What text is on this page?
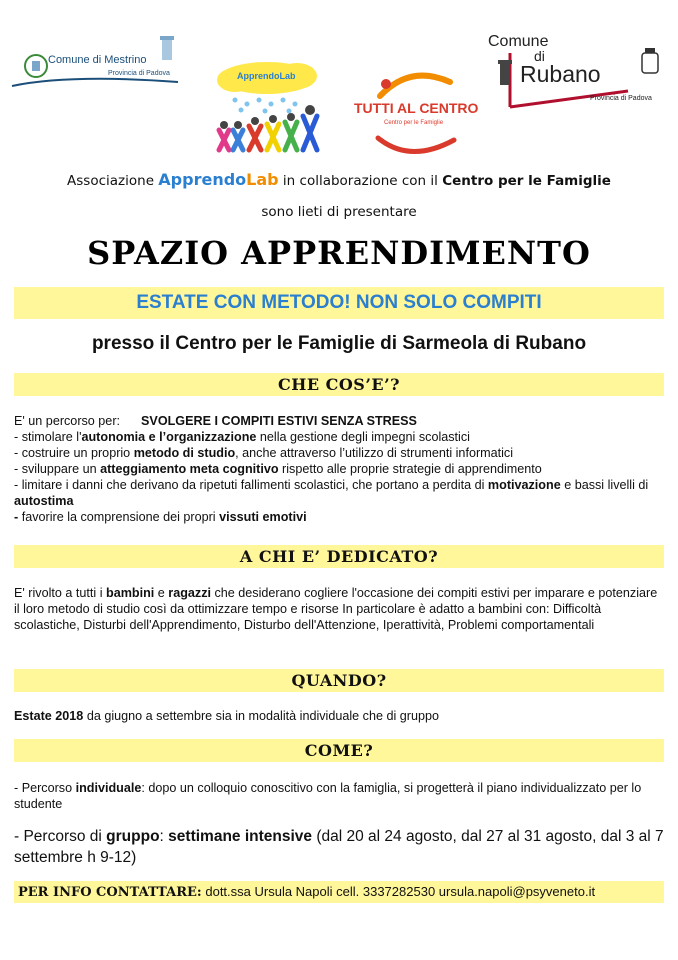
Comune di Mestrino
Provincia di Padova	ApprendoLab
TUTTI AL CENTRO
Centro per le Famiglie
Comune
di
Rubano
Provincia di Padova
Associazione ApprendoLab in collaborazione con il Centro per le Famiglie
sono lieti di presentare
SPAZIO APPRENDIMENTO
ESTATE CON METODO! NON SOLO COMPITI
presso il Centro per le Famiglie di Sarmeola di Rubano
CHE COS’E’?
E' un percorso per: SVOLGERE I COMPITI ESTIVI SENZA STRESS
- stimolare l'autonomia e l’organizzazione nella gestione degli impegni scolastici
- costruire un proprio metodo di studio, anche attraverso l’utilizzo di strumenti informatici
- sviluppare un atteggiamento meta cognitivo rispetto alle proprie strategie di apprendimento
- limitare i danni che derivano da ripetuti fallimenti scolastici, che portano a perdita di motivazione e bassi livelli di autostima
- favorire la comprensione dei propri vissuti emotivi
A CHI E’ DEDICATO?
E' rivolto a tutti i bambini e ragazzi che desiderano cogliere l'occasione dei compiti estivi per imparare e potenziare il loro metodo di studio così da ottimizzare tempo e risorse In particolare è adatto a bambini con: Difficoltà scolastiche, Disturbi dell'Apprendimento, Disturbo dell'Attenzione, Iperattività, Problemi comportamentali
QUANDO?
Estate 2018 da giugno a settembre sia in modalità individuale che di gruppo
COME?
- Percorso individuale: dopo un colloquio conoscitivo con la famiglia, si progetterà il piano individualizzato per lo studente
- Percorso di gruppo: settimane intensive (dal 20 al 24 agosto, dal 27 al 31 agosto, dal 3 al 7 settembre h 9-12)
PER INFO CONTATTARE: dott.ssa Ursula Napoli cell. 3337282530 ursula.napoli@psyveneto.it
